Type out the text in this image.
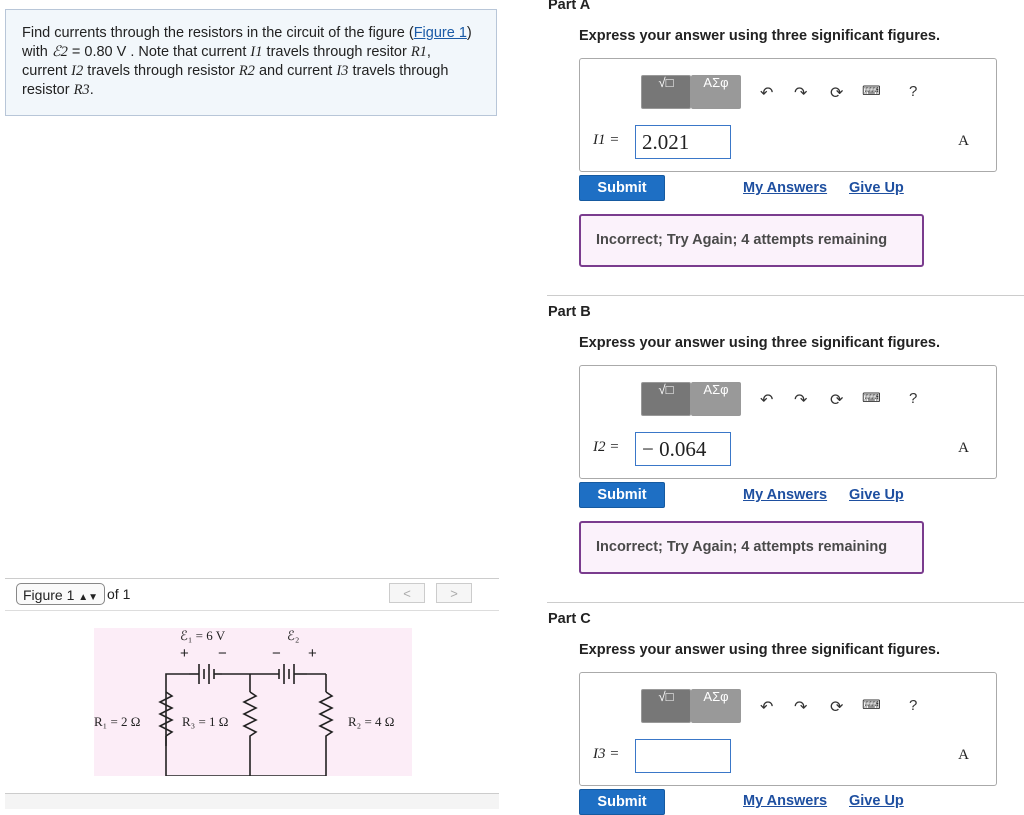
Find currents through the resistors in the circuit of the figure (Figure 1) with ℰ2 = 0.80 V . Note that current I1 travels through resitor R1, current I2 travels through resistor R2 and current I3 travels through resistor R3.
Figure 1 ▲▼ of 1	<	>
ℰ₁ = 6 V	ℰ₂
+ −	− +
R₁ = 2 Ω	R₃ = 1 Ω	R₂ = 4 Ω
Part A
Express your answer using three significant figures.
√□	ΑΣφ
↶ ↷ ⟳ ⌨ ?
I1 =	2.021	A
Submit	My Answers Give Up
Incorrect; Try Again; 4 attempts remaining
Part B
Express your answer using three significant figures.
√□	ΑΣφ
↶ ↷ ⟳ ⌨ ?
I2 =	− 0.064	A
Submit	My Answers Give Up
Incorrect; Try Again; 4 attempts remaining
Part C
Express your answer using three significant figures.
√□	ΑΣφ
↶ ↷ ⟳ ⌨ ?
I3 =	A
Submit	My Answers Give Up
